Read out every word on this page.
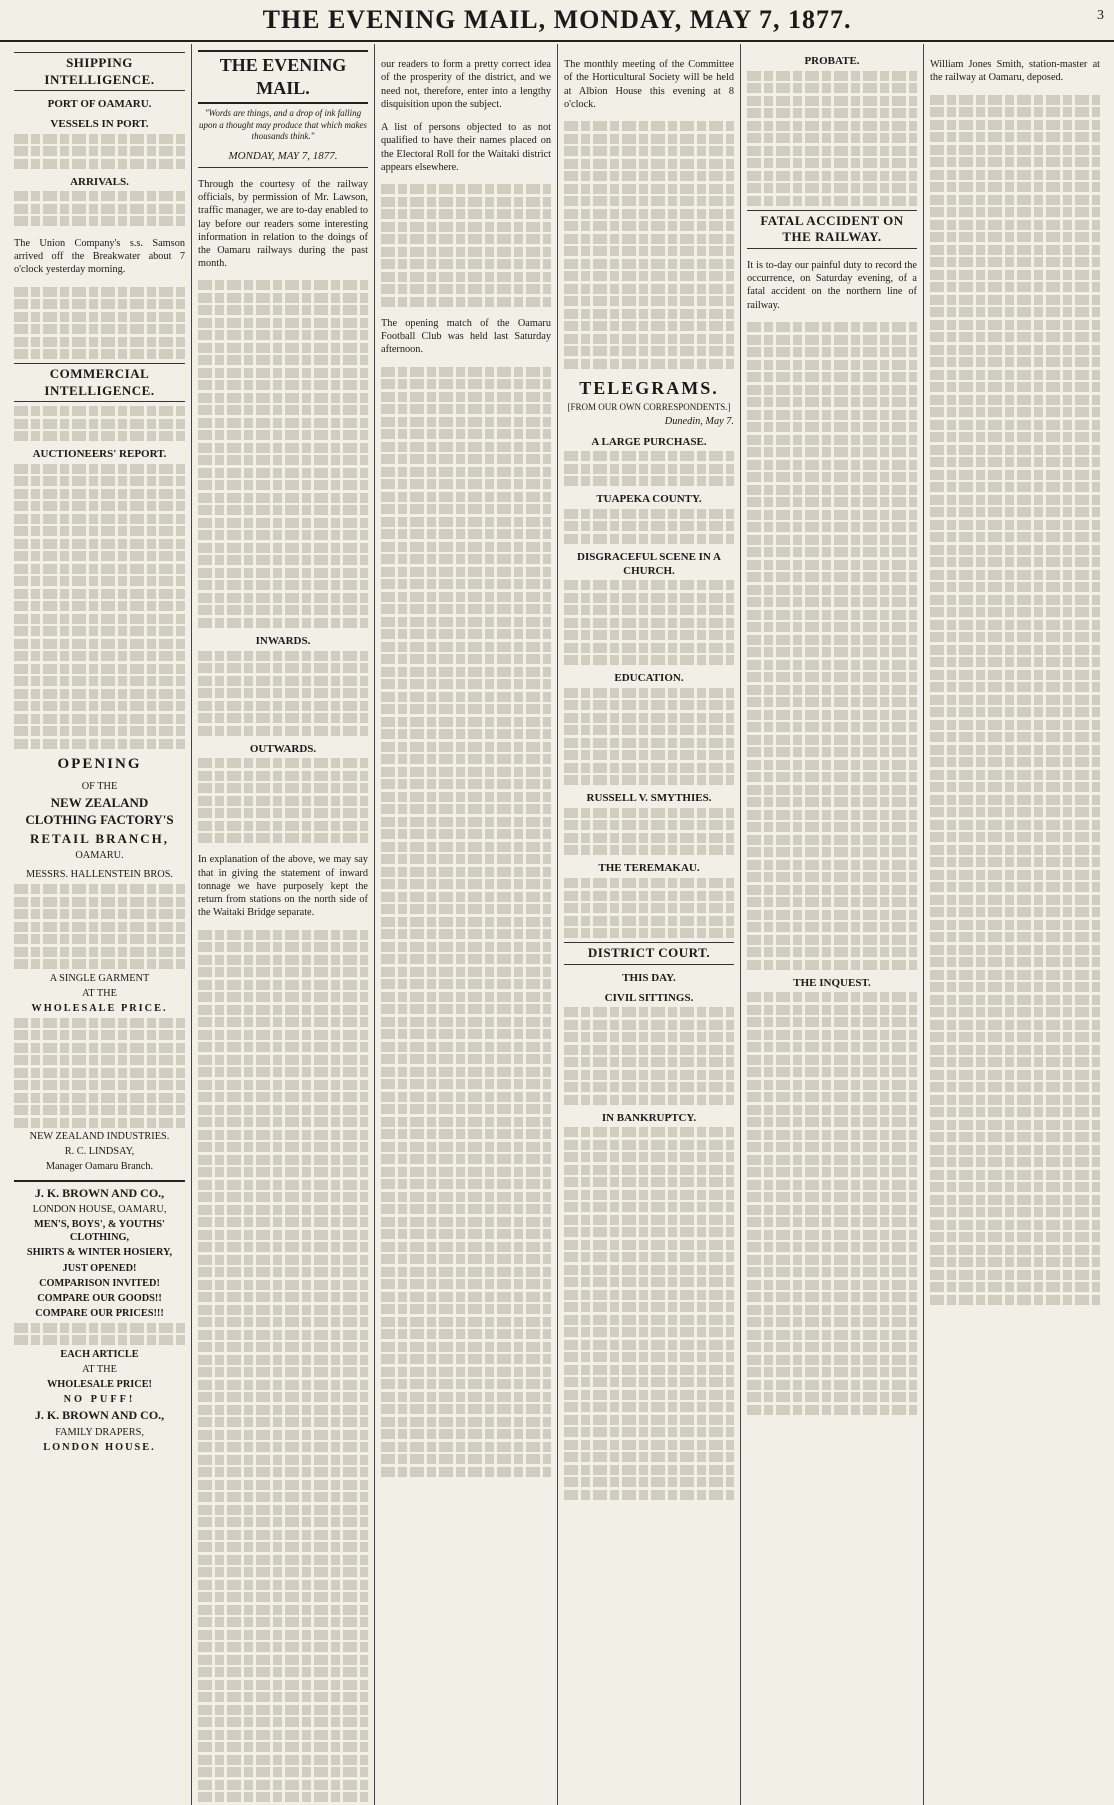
THE EVENING MAIL, MONDAY, MAY 7, 1877.	3
SHIPPING INTELLIGENCE.
PORT OF OAMARU.
VESSELS IN PORT.
ARRIVALS.

The Union Company's s.s. Samson arrived off the Breakwater about 7 o'clock yesterday morning.

COMMERCIAL INTELLIGENCE.
AUCTIONEERS' REPORT.
OPENING
OF THE
NEW ZEALAND CLOTHING FACTORY'S
RETAIL BRANCH,
OAMARU.
MESSRS. HALLENSTEIN BROS.
A SINGLE GARMENT
AT THE
WHOLESALE PRICE.
NEW ZEALAND INDUSTRIES.
R. C. LINDSAY,
Manager Oamaru Branch.
J. K. BROWN AND CO.,
LONDON HOUSE, OAMARU,
MEN'S, BOYS', & YOUTHS' CLOTHING,
SHIRTS & WINTER HOSIERY,
JUST OPENED!
COMPARISON INVITED!
COMPARE OUR GOODS!!
COMPARE OUR PRICES!!!
EACH ARTICLE
AT THE
WHOLESALE PRICE!
NO PUFF!
J. K. BROWN AND CO.,
FAMILY DRAPERS,
LONDON HOUSE.
THE EVENING MAIL.
"Words are things, and a drop of ink falling upon a thought may produce that which makes thousands think."
MONDAY, MAY 7, 1877.

Through the courtesy of the railway officials, by permission of Mr. Lawson, traffic manager, we are to-day enabled to lay before our readers some interesting information in relation to the doings of the Oamaru railways during the past month.

INWARDS.
OUTWARDS.

In explanation of the above, we may say that in giving the statement of inward tonnage we have purposely kept the return from stations on the north side of the Waitaki Bridge separate.

our readers to form a pretty correct idea of the prosperity of the district, and we need not, therefore, enter into a lengthy disquisition upon the subject.

A list of persons objected to as not qualified to have their names placed on the Electoral Roll for the Waitaki district appears elsewhere.

The opening match of the Oamaru Football Club was held last Saturday afternoon.

The monthly meeting of the Committee of the Horticultural Society will be held at Albion House this evening at 8 o'clock.

TELEGRAMS.
[FROM OUR OWN CORRESPONDENTS.]
Dunedin, May 7.
A LARGE PURCHASE.
TUAPEKA COUNTY.
DISGRACEFUL SCENE IN A CHURCH.
EDUCATION.
RUSSELL V. SMYTHIES.
THE TEREMAKAU.
DISTRICT COURT.
THIS DAY.
CIVIL SITTINGS.
IN BANKRUPTCY.
PROBATE.
FATAL ACCIDENT ON THE RAILWAY.

It is to-day our painful duty to record the occurrence, on Saturday evening, of a fatal accident on the northern line of railway.

THE INQUEST.

William Jones Smith, station-master at the railway at Oamaru, deposed.
